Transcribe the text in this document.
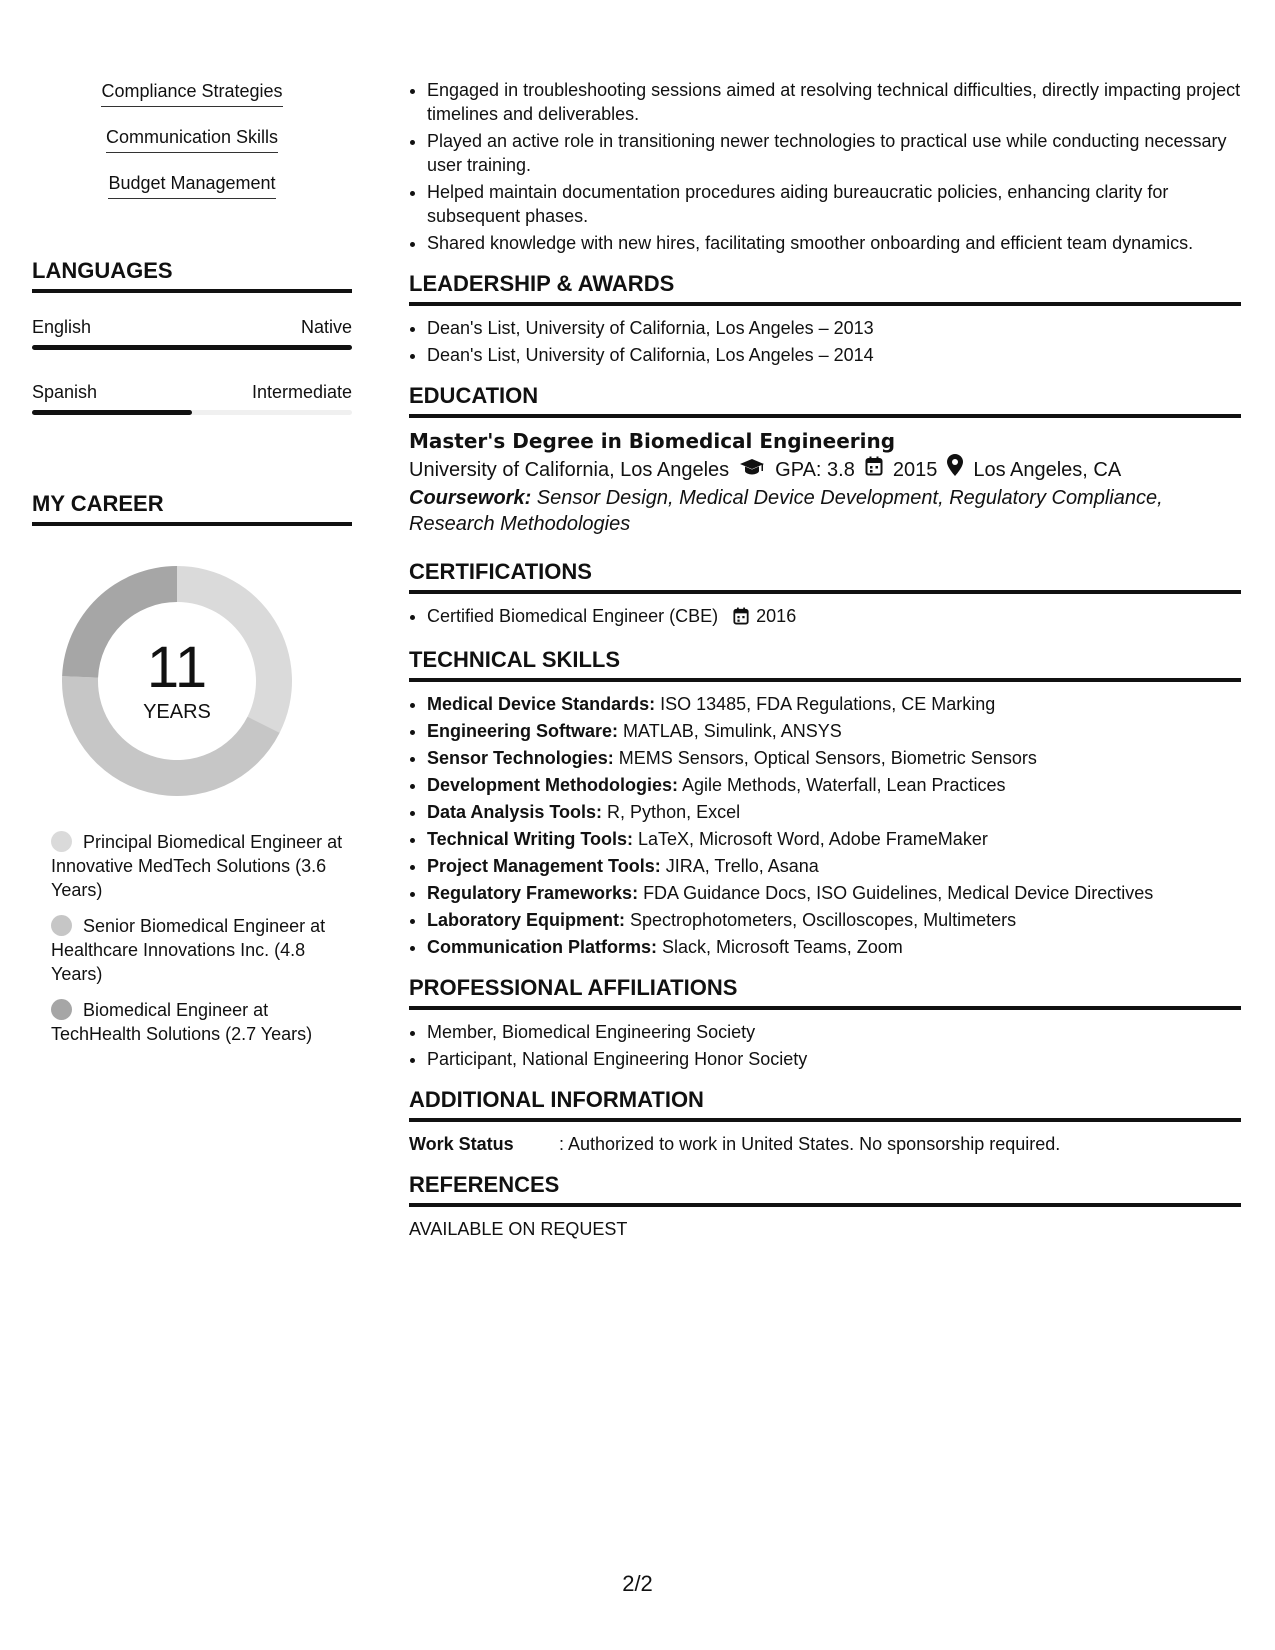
Compliance Strategies
Communication Skills
Budget Management
LANGUAGES
English	Native
Spanish	Intermediate
MY CAREER
11
YEARS
Principal Biomedical Engineer at Innovative MedTech Solutions (3.6 Years)
Senior Biomedical Engineer at Healthcare Innovations Inc. (4.8 Years)
Biomedical Engineer at TechHealth Solutions (2.7 Years)
• Engaged in troubleshooting sessions aimed at resolving technical difficulties, directly impacting project timelines and deliverables.
• Played an active role in transitioning newer technologies to practical use while conducting necessary user training.
• Helped maintain documentation procedures aiding bureaucratic policies, enhancing clarity for subsequent phases.
• Shared knowledge with new hires, facilitating smoother onboarding and efficient team dynamics.
LEADERSHIP & AWARDS
• Dean's List, University of California, Los Angeles – 2013
• Dean's List, University of California, Los Angeles – 2014
EDUCATION
Master's Degree in Biomedical Engineering
University of California, Los Angeles GPA: 3.8 2015 Los Angeles, CA
Coursework: Sensor Design, Medical Device Development, Regulatory Compliance, Research Methodologies
CERTIFICATIONS
• Certified Biomedical Engineer (CBE) 2016
TECHNICAL SKILLS
• Medical Device Standards: ISO 13485, FDA Regulations, CE Marking
• Engineering Software: MATLAB, Simulink, ANSYS
• Sensor Technologies: MEMS Sensors, Optical Sensors, Biometric Sensors
• Development Methodologies: Agile Methods, Waterfall, Lean Practices
• Data Analysis Tools: R, Python, Excel
• Technical Writing Tools: LaTeX, Microsoft Word, Adobe FrameMaker
• Project Management Tools: JIRA, Trello, Asana
• Regulatory Frameworks: FDA Guidance Docs, ISO Guidelines, Medical Device Directives
• Laboratory Equipment: Spectrophotometers, Oscilloscopes, Multimeters
• Communication Platforms: Slack, Microsoft Teams, Zoom
PROFESSIONAL AFFILIATIONS
• Member, Biomedical Engineering Society
• Participant, National Engineering Honor Society
ADDITIONAL INFORMATION
Work Status	: Authorized to work in United States. No sponsorship required.
REFERENCES
AVAILABLE ON REQUEST
2/2
